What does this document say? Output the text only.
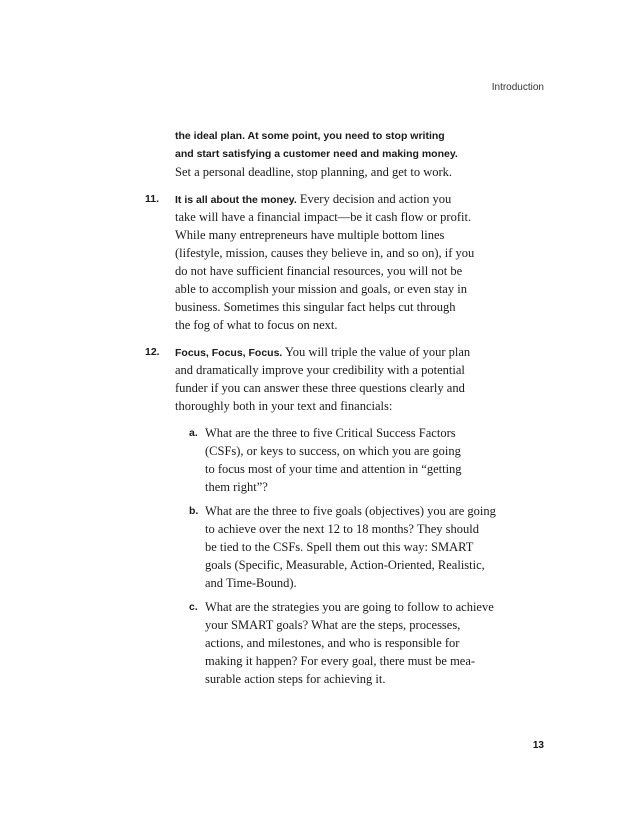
Introduction
the ideal plan. At some point, you need to stop writing
and start satisfying a customer need and making money.
Set a personal deadline, stop planning, and get to work.
11. It is all about the money. Every decision and action you
take will have a financial impact—be it cash flow or profit.
While many entrepreneurs have multiple bottom lines
(lifestyle, mission, causes they believe in, and so on), if you
do not have sufficient financial resources, you will not be
able to accomplish your mission and goals, or even stay in
business. Sometimes this singular fact helps cut through
the fog of what to focus on next.
12. Focus, Focus, Focus. You will triple the value of your plan
and dramatically improve your credibility with a potential
funder if you can answer these three questions clearly and
thoroughly both in your text and financials:
a. What are the three to five Critical Success Factors
(CSFs), or keys to success, on which you are going
to focus most of your time and attention in “getting
them right”?
b. What are the three to five goals (objectives) you are going
to achieve over the next 12 to 18 months? They should
be tied to the CSFs. Spell them out this way: SMART
goals (Specific, Measurable, Action-Oriented, Realistic,
and Time-Bound).
c. What are the strategies you are going to follow to achieve
your SMART goals? What are the steps, processes,
actions, and milestones, and who is responsible for
making it happen? For every goal, there must be mea-
surable action steps for achieving it.
13
